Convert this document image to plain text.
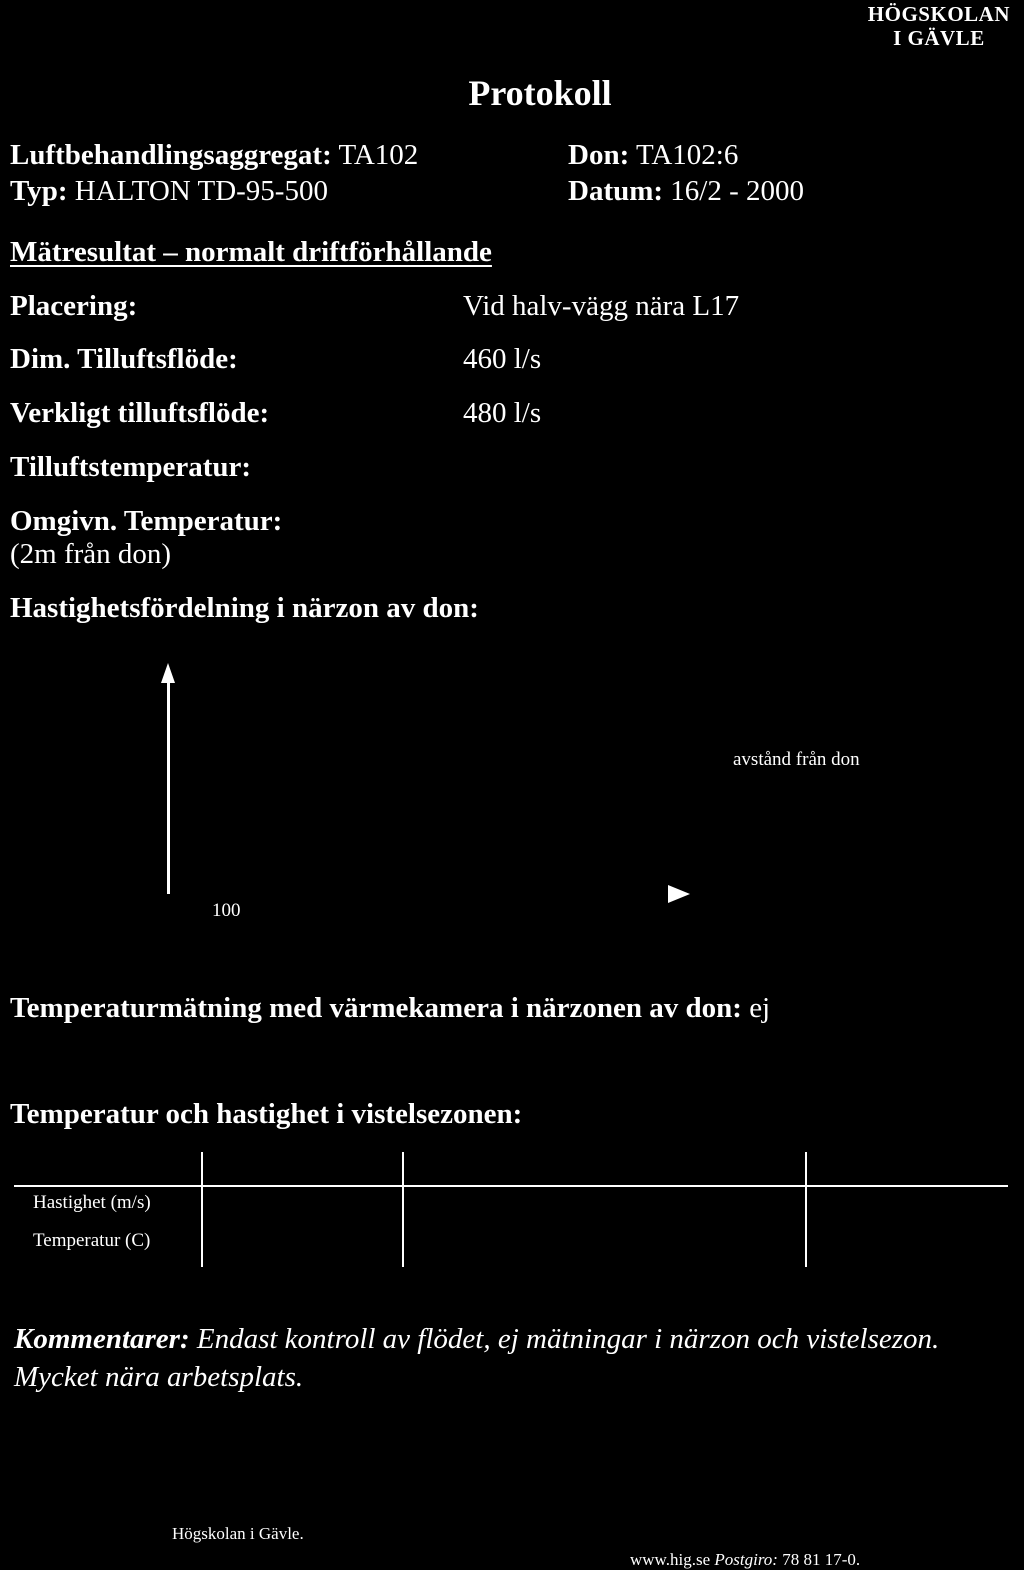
HÖGSKOLAN
I GÄVLE
Protokoll
Luftbehandlingsaggregat: TA102
Typ: HALTON TD-95-500
Don: TA102:6
Datum: 16/2 - 2000
Mätresultat – normalt driftförhållande
Placering:	Vid halv-vägg nära L17
Dim. Tilluftsflöde:	460 l/s
Verkligt tilluftsflöde:	480 l/s
Tilluftstemperatur:
Omgivn. Temperatur:
(2m från don)
Hastighetsfördelning i närzon av don:
avstånd från don
100
Temperaturmätning med värmekamera i närzonen av don: ej
Temperatur och hastighet i vistelsezonen:
Hastighet (m/s)
Temperatur (C)
Kommentarer: Endast kontroll av flödet, ej mätningar i närzon och vistelsezon. Mycket nära arbetsplats.
Högskolan i Gävle.
www.hig.se Postgiro: 78 81 17-0.
